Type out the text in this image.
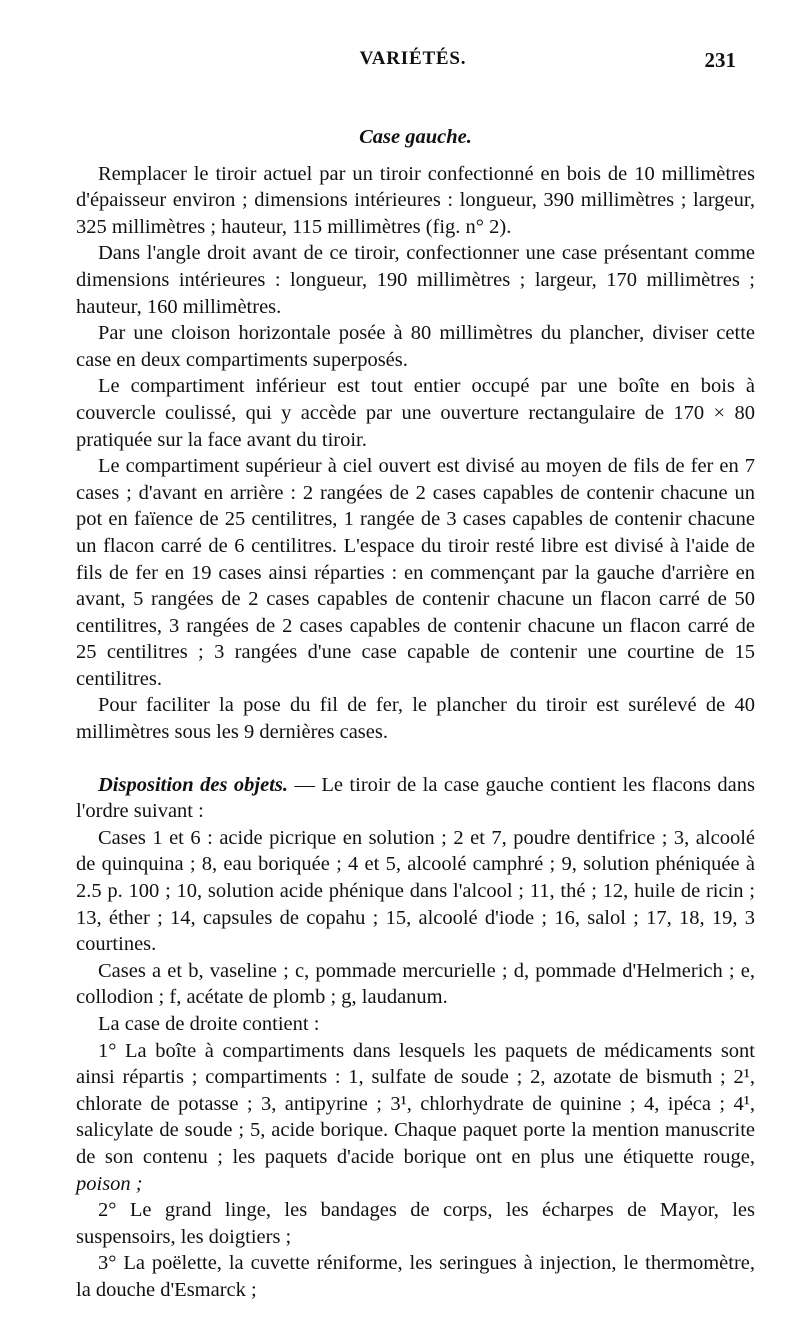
VARIÉTÉS.	231
Case gauche.

Remplacer le tiroir actuel par un tiroir confectionné en bois de 10 millimètres d'épaisseur environ ; dimensions intérieures : longueur, 390 millimètres ; largeur, 325 millimètres ; hauteur, 115 millimètres (fig. n° 2).

Dans l'angle droit avant de ce tiroir, confectionner une case présentant comme dimensions intérieures : longueur, 190 millimètres ; largeur, 170 millimètres ; hauteur, 160 millimètres.

Par une cloison horizontale posée à 80 millimètres du plancher, diviser cette case en deux compartiments superposés.

Le compartiment inférieur est tout entier occupé par une boîte en bois à couvercle coulissé, qui y accède par une ouverture rectangulaire de 170 × 80 pratiquée sur la face avant du tiroir.

Le compartiment supérieur à ciel ouvert est divisé au moyen de fils de fer en 7 cases ; d'avant en arrière : 2 rangées de 2 cases capables de contenir chacune un pot en faïence de 25 centilitres, 1 rangée de 3 cases capables de contenir chacune un flacon carré de 6 centilitres. L'espace du tiroir resté libre est divisé à l'aide de fils de fer en 19 cases ainsi réparties : en commençant par la gauche d'arrière en avant, 5 rangées de 2 cases capables de contenir chacune un flacon carré de 50 centilitres, 3 rangées de 2 cases capables de contenir chacune un flacon carré de 25 centilitres ; 3 rangées d'une case capable de contenir une courtine de 15 centilitres.

Pour faciliter la pose du fil de fer, le plancher du tiroir est surélevé de 40 millimètres sous les 9 dernières cases.

Disposition des objets. — Le tiroir de la case gauche contient les flacons dans l'ordre suivant :

Cases 1 et 6 : acide picrique en solution ; 2 et 7, poudre dentifrice ; 3, alcoolé de quinquina ; 8, eau boriquée ; 4 et 5, alcoolé camphré ; 9, solution phéniquée à 2.5 p. 100 ; 10, solution acide phénique dans l'alcool ; 11, thé ; 12, huile de ricin ; 13, éther ; 14, capsules de copahu ; 15, alcoolé d'iode ; 16, salol ; 17, 18, 19, 3 courtines.

Cases a et b, vaseline ; c, pommade mercurielle ; d, pommade d'Helmerich ; e, collodion ; f, acétate de plomb ; g, laudanum.

La case de droite contient :

1° La boîte à compartiments dans lesquels les paquets de médicaments sont ainsi répartis ; compartiments : 1, sulfate de soude ; 2, azotate de bismuth ; 2¹, chlorate de potasse ; 3, antipyrine ; 3¹, chlorhydrate de quinine ; 4, ipéca ; 4¹, salicylate de soude ; 5, acide borique. Chaque paquet porte la mention manuscrite de son contenu ; les paquets d'acide borique ont en plus une étiquette rouge, poison ;

2° Le grand linge, les bandages de corps, les écharpes de Mayor, les suspensoirs, les doigtiers ;

3° La poëlette, la cuvette réniforme, les seringues à injection, le thermomètre, la douche d'Esmarck ;
